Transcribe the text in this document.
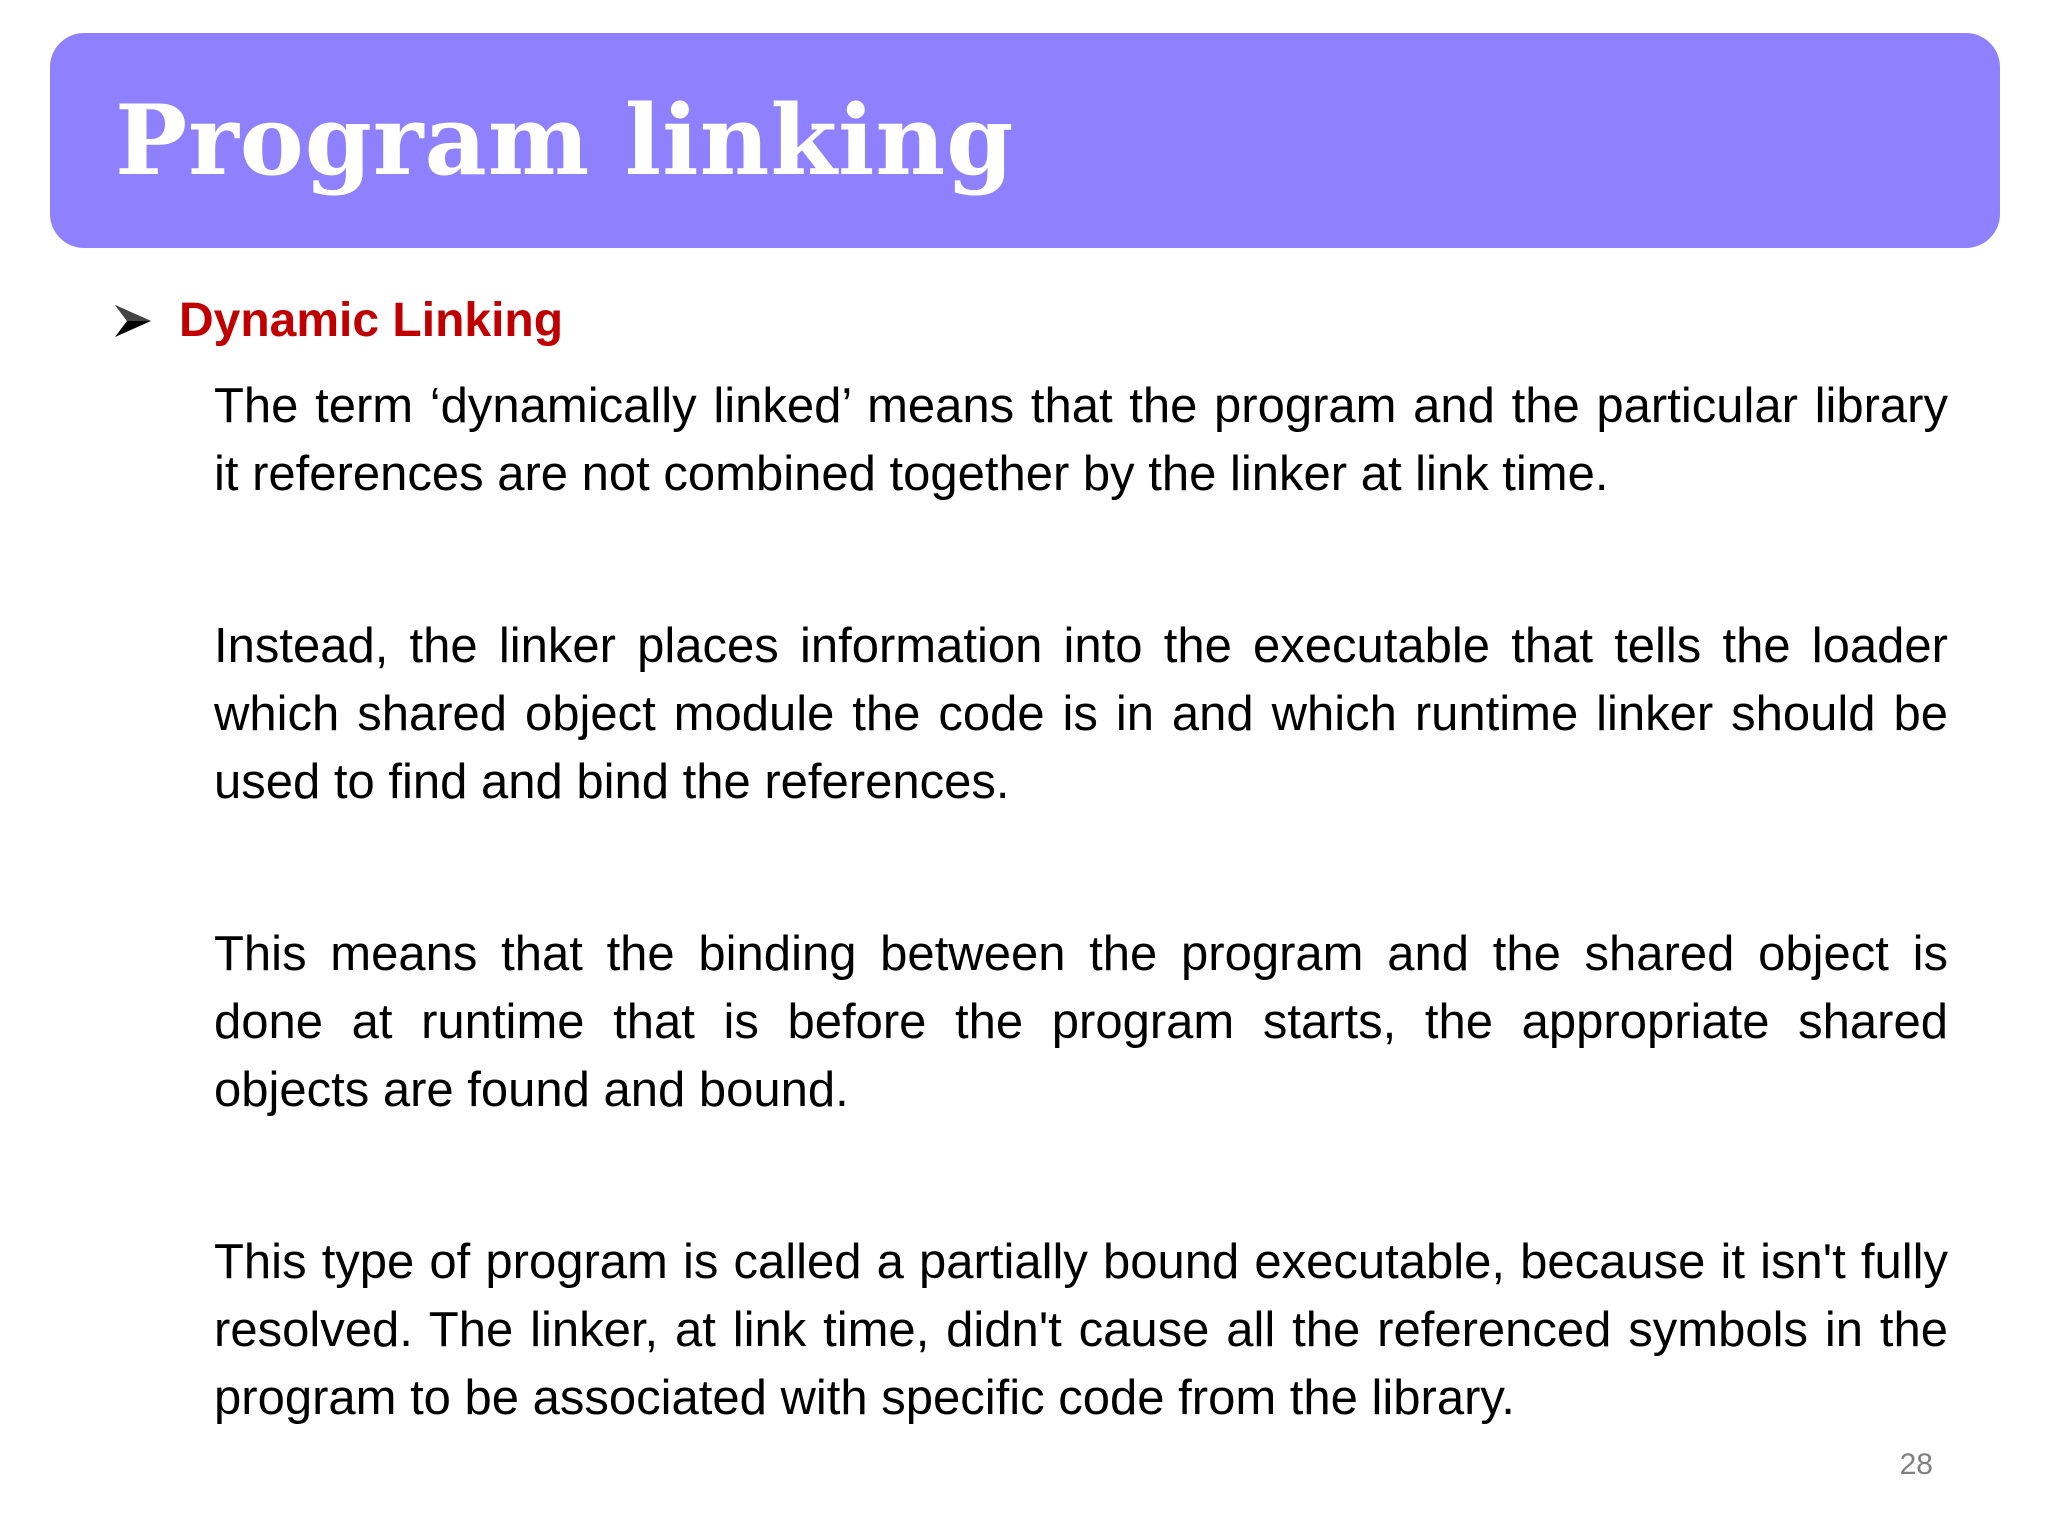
Program linking
Dynamic Linking

The term ‘dynamically linked’ means that the program and the particular library it references are not combined together by the linker at link time.

Instead, the linker places information into the executable that tells the loader which shared object module the code is in and which runtime linker should be used to find and bind the references.

This means that the binding between the program and the shared object is done at runtime that is before the program starts, the appropriate shared objects are found and bound.

This type of program is called a partially bound executable, because it isn't fully resolved. The linker, at link time, didn't cause all the referenced symbols in the program to be associated with specific code from the library.

28
